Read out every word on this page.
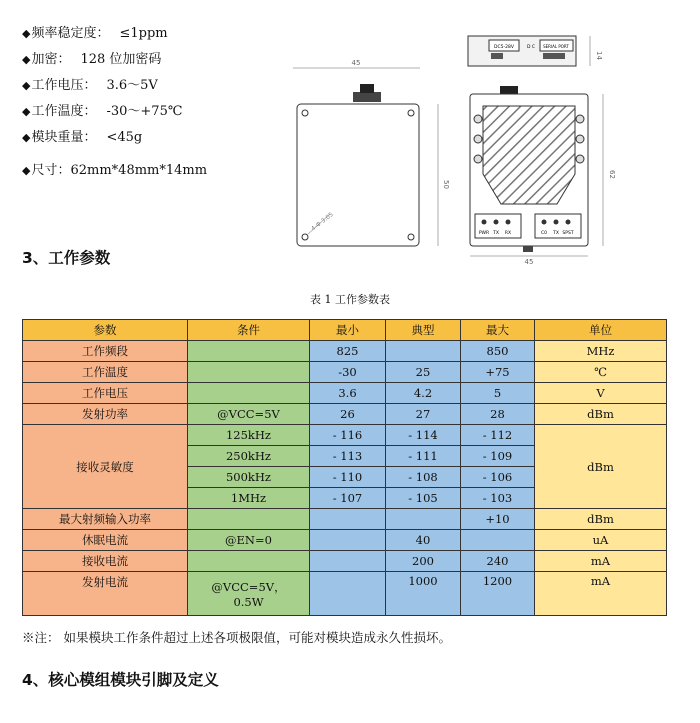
◆频率稳定度： ≤1ppm
◆加密： 128 位加密码
◆工作电压： 3.6～5V
◆工作温度： -30～+75℃
◆模块重量： <45g
◆尺寸：62mm*48mm*14mm
45
4-Φ 3.05
50
DC5-28V	D C SERIAL PORT
14
PWR TX RX	C0 TX SPST
45
62
3、工作参数
表 1 工作参数表
参数	条件	最小	典型	最大	单位
工作频段		825		850	MHz
工作温度		-30	25	+75	℃
工作电压		3.6	4.2	5	V
发射功率	@VCC=5V	26	27	28	dBm
接收灵敏度	125kHz	- 116	- 114	- 112	dBm
	250kHz	- 113	- 111	- 109	
	500kHz	- 110	- 108	- 106	
	1MHz	- 107	- 105	- 103	
最大射频输入功率				+10	dBm
休眠电流	@EN=0		40		uA
接收电流			200	240	mA
发射电流	@VCC=5V，
0.5W		1000	1200	mA
※注： 如果模块工作条件超过上述各项极限值，可能对模块造成永久性损坏。
4、核心模组模块引脚及定义
